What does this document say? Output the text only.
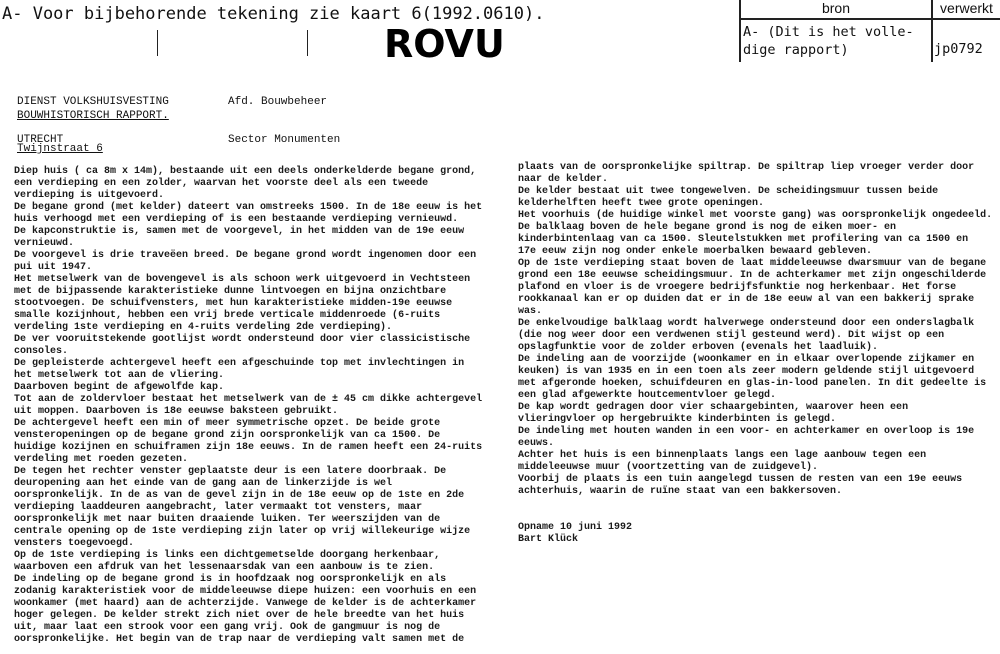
A- Voor bijbehorende tekening zie kaart 6(1992.0610).
ROVU
bron	verwerkt
A- (Dit is het volle-
dige rapport)	jp0792

DIENST VOLKSHUISVESTING

UTRECHT

Afd. Bouwbeheer

Sector Monumenten

BOUWHISTORISCH RAPPORT.
Twijnstraat 6
Diep huis ( ca 8m x 14m), bestaande uit een deels onderkelderde begane grond,
een verdieping en een zolder, waarvan het voorste deel als een tweede
verdieping is uitgevoerd.
De begane grond (met kelder) dateert van omstreeks 1500. In de 18e eeuw is het
huis verhoogd met een verdieping of is een bestaande verdieping vernieuwd.
De kapconstruktie is, samen met de voorgevel, in het midden van de 19e eeuw
vernieuwd.
De voorgevel is drie traveëen breed. De begane grond wordt ingenomen door een
pui uit 1947.
Het metselwerk van de bovengevel is als schoon werk uitgevoerd in Vechtsteen
met de bijpassende karakteristieke dunne lintvoegen en bijna onzichtbare
stootvoegen. De schuifvensters, met hun karakteristieke midden-19e eeuwse
smalle kozijnhout, hebben een vrij brede verticale middenroede (6-ruits
verdeling 1ste verdieping en 4-ruits verdeling 2de verdieping).
De ver vooruitstekende gootlijst wordt ondersteund door vier classicistische
consoles.
De gepleisterde achtergevel heeft een afgeschuinde top met invlechtingen in
het metselwerk tot aan de vliering.
Daarboven begint de afgewolfde kap.
Tot aan de zoldervloer bestaat het metselwerk van de ± 45 cm dikke achtergevel
uit moppen. Daarboven is 18e eeuwse baksteen gebruikt.
De achtergevel heeft een min of meer symmetrische opzet. De beide grote
vensteropeningen op de begane grond zijn oorspronkelijk van ca 1500. De
huidige kozijnen en schuiframen zijn 18e eeuws. In de ramen heeft een 24-ruits
verdeling met roeden gezeten.
De tegen het rechter venster geplaatste deur is een latere doorbraak. De
deuropening aan het einde van de gang aan de linkerzijde is wel
oorspronkelijk. In de as van de gevel zijn in de 18e eeuw op de 1ste en 2de
verdieping laaddeuren aangebracht, later vermaakt tot vensters, maar
oorspronkelijk met naar buiten draaiende luiken. Ter weerszijden van de
centrale opening op de 1ste verdieping zijn later op vrij willekeurige wijze
vensters toegevoegd.
Op de 1ste verdieping is links een dichtgemetselde doorgang herkenbaar,
waarboven een afdruk van het lessenaarsdak van een aanbouw is te zien.
De indeling op de begane grond is in hoofdzaak nog oorspronkelijk en als
zodanig karakteristiek voor de middeleeuwse diepe huizen: een voorhuis en een
woonkamer (met haard) aan de achterzijde. Vanwege de kelder is de achterkamer
hoger gelegen. De kelder strekt zich niet over de hele breedte van het huis
uit, maar laat een strook voor een gang vrij. Ook de gangmuur is nog de
oorspronkelijke. Het begin van de trap naar de verdieping valt samen met de
plaats van de oorspronkelijke spiltrap. De spiltrap liep vroeger verder door
naar de kelder.
De kelder bestaat uit twee tongewelven. De scheidingsmuur tussen beide
kelderhelften heeft twee grote openingen.
Het voorhuis (de huidige winkel met voorste gang) was oorspronkelijk ongedeeld.
De balklaag boven de hele begane grond is nog de eiken moer- en
kinderbintenlaag van ca 1500. Sleutelstukken met profilering van ca 1500 en
17e eeuw zijn nog onder enkele moerbalken bewaard gebleven.
Op de 1ste verdieping staat boven de laat middeleeuwse dwarsmuur van de begane
grond een 18e eeuwse scheidingsmuur. In de achterkamer met zijn ongeschilderde
plafond en vloer is de vroegere bedrijfsfunktie nog herkenbaar. Het forse
rookkanaal kan er op duiden dat er in de 18e eeuw al van een bakkerij sprake
was.
De enkelvoudige balklaag wordt halverwege ondersteund door een onderslagbalk
(die nog weer door een verdwenen stijl gesteund werd). Dit wijst op een
opslagfunktie voor de zolder erboven (evenals het laadluik).
De indeling aan de voorzijde (woonkamer en in elkaar overlopende zijkamer en
keuken) is van 1935 en in een toen als zeer modern geldende stijl uitgevoerd
met afgeronde hoeken, schuifdeuren en glas-in-lood panelen. In dit gedeelte is
een glad afgewerkte houtcementvloer gelegd.
De kap wordt gedragen door vier schaargebinten, waarover heen een
vlieringvloer op hergebruikte kinderbinten is gelegd.
De indeling met houten wanden in een voor- en achterkamer en overloop is 19e
eeuws.
Achter het huis is een binnenplaats langs een lage aanbouw tegen een
middeleeuwse muur (voortzetting van de zuidgevel).
Voorbij de plaats is een tuin aangelegd tussen de resten van een 19e eeuws
achterhuis, waarin de ruïne staat van een bakkersoven.
Opname 10 juni 1992
Bart Klück
